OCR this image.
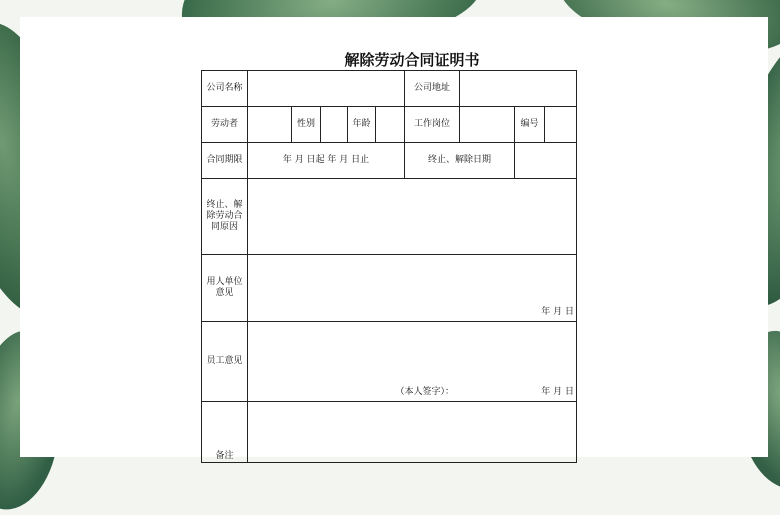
解除劳动合同证明书
公司名称						公司地址			
劳动者		性别		年龄		工作岗位		编号	
合同期限	年 月 日起 年 月 日止					终止、解除日期			
终止、解除劳动合同原因									
用人单位意见	年 月 日								

员工意见	（本人签字）： 年 月 日								

备注									
